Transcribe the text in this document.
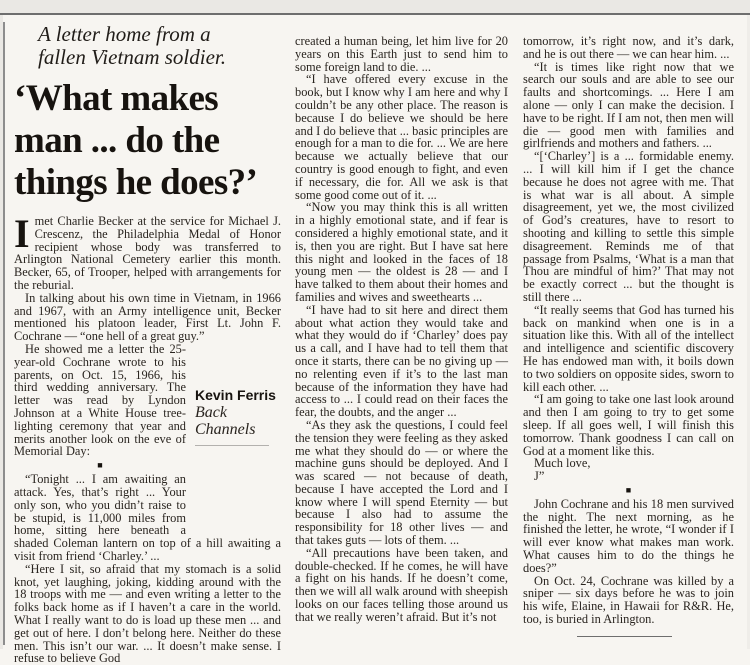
A letter home from a
fallen Vietnam soldier.
‘What makes
man ... do the
things he does?’

Imet Charlie Becker at the service for Michael J. Crescenz, the Philadelphia Medal of Honor recipient whose body was transferred to Arlington National Cemetery earlier this month. Becker, 65, of Trooper, helped with arrangements for the reburial.

In talking about his own time in Vietnam, in 1966 and 1967, with an Army intelligence unit, Becker mentioned his platoon leader, First Lt. John F. Cochrane — “one hell of a great guy.”

Kevin Ferris
Back Channels

He showed me a letter the 25-year-old Cochrane wrote to his parents, on Oct. 15, 1966, his third wedding anniversary. The letter was read by Lyndon Johnson at a White House tree-lighting ceremony that year and merits another look on the eve of Memorial Day:

■

“Tonight ... I am awaiting an attack. Yes, that’s right ... Your only son, who you didn’t raise to be stupid, is 11,000 miles from home, sitting here beneath a shaded Coleman lantern on top of a hill awaiting a visit from friend ‘Charley.’ ...

“Here I sit, so afraid that my stomach is a solid knot, yet laughing, joking, kidding around with the 18 troops with me — and even writing a letter to the folks back home as if I haven’t a care in the world. What I really want to do is load up these men ... and get out of here. I don’t belong here. Neither do these men. This isn’t our war. ... It doesn’t make sense. I refuse to believe God

created a human being, let him live for 20 years on this Earth just to send him to some foreign land to die. ...

“I have offered every excuse in the book, but I know why I am here and why I couldn’t be any other place. The reason is because I do believe we should be here and I do believe that ... basic principles are enough for a man to die for. ... We are here because we actually believe that our country is good enough to fight, and even if necessary, die for. All we ask is that some good come out of it. ...

“Now you may think this is all written in a highly emotional state, and if fear is considered a highly emotional state, and it is, then you are right. But I have sat here this night and looked in the faces of 18 young men — the oldest is 28 — and I have talked to them about their homes and families and wives and sweethearts ...

“I have had to sit here and direct them about what action they would take and what they would do if ‘Charley’ does pay us a call, and I have had to tell them that once it starts, there can be no giving up — no relenting even if it’s to the last man because of the information they have had access to ... I could read on their faces the fear, the doubts, and the anger ...

“As they ask the questions, I could feel the tension they were feeling as they asked me what they should do — or where the machine guns should be deployed. And I was scared — not because of death, because I have accepted the Lord and I know where I will spend Eternity — but because I also had to assume the responsibility for 18 other lives — and that takes guts — lots of them. ...

“All precautions have been taken, and double-checked. If he comes, he will have a fight on his hands. If he doesn’t come, then we will all walk around with sheepish looks on our faces telling those around us that we really weren’t afraid. But it’s not

tomorrow, it’s right now, and it’s dark, and he is out there — we can hear him. ...

“It is times like right now that we search our souls and are able to see our faults and shortcomings. ... Here I am alone — only I can make the decision. I have to be right. If I am not, then men will die — good men with families and girlfriends and mothers and fathers. ...

“[‘Charley’] is a ... formidable enemy. ... I will kill him if I get the chance because he does not agree with me. That is what war is all about. A simple disagreement, yet we, the most civilized of God’s creatures, have to resort to shooting and killing to settle this simple disagreement. Reminds me of that passage from Psalms, ‘What is a man that Thou are mindful of him?’ That may not be exactly correct ... but the thought is still there ...

“It really seems that God has turned his back on mankind when one is in a situation like this. With all of the intellect and intelligence and scientific discovery He has endowed man with, it boils down to two soldiers on opposite sides, sworn to kill each other. ...

“I am going to take one last look around and then I am going to try to get some sleep. If all goes well, I will finish this tomorrow. Thank goodness I can call on God at a moment like this.

Much love,

J”

■

John Cochrane and his 18 men survived the night. The next morning, as he finished the letter, he wrote, “I wonder if I will ever know what makes man work. What causes him to do the things he does?”

On Oct. 24, Cochrane was killed by a sniper — six days before he was to join his wife, Elaine, in Hawaii for R&R. He, too, is buried in Arlington.
